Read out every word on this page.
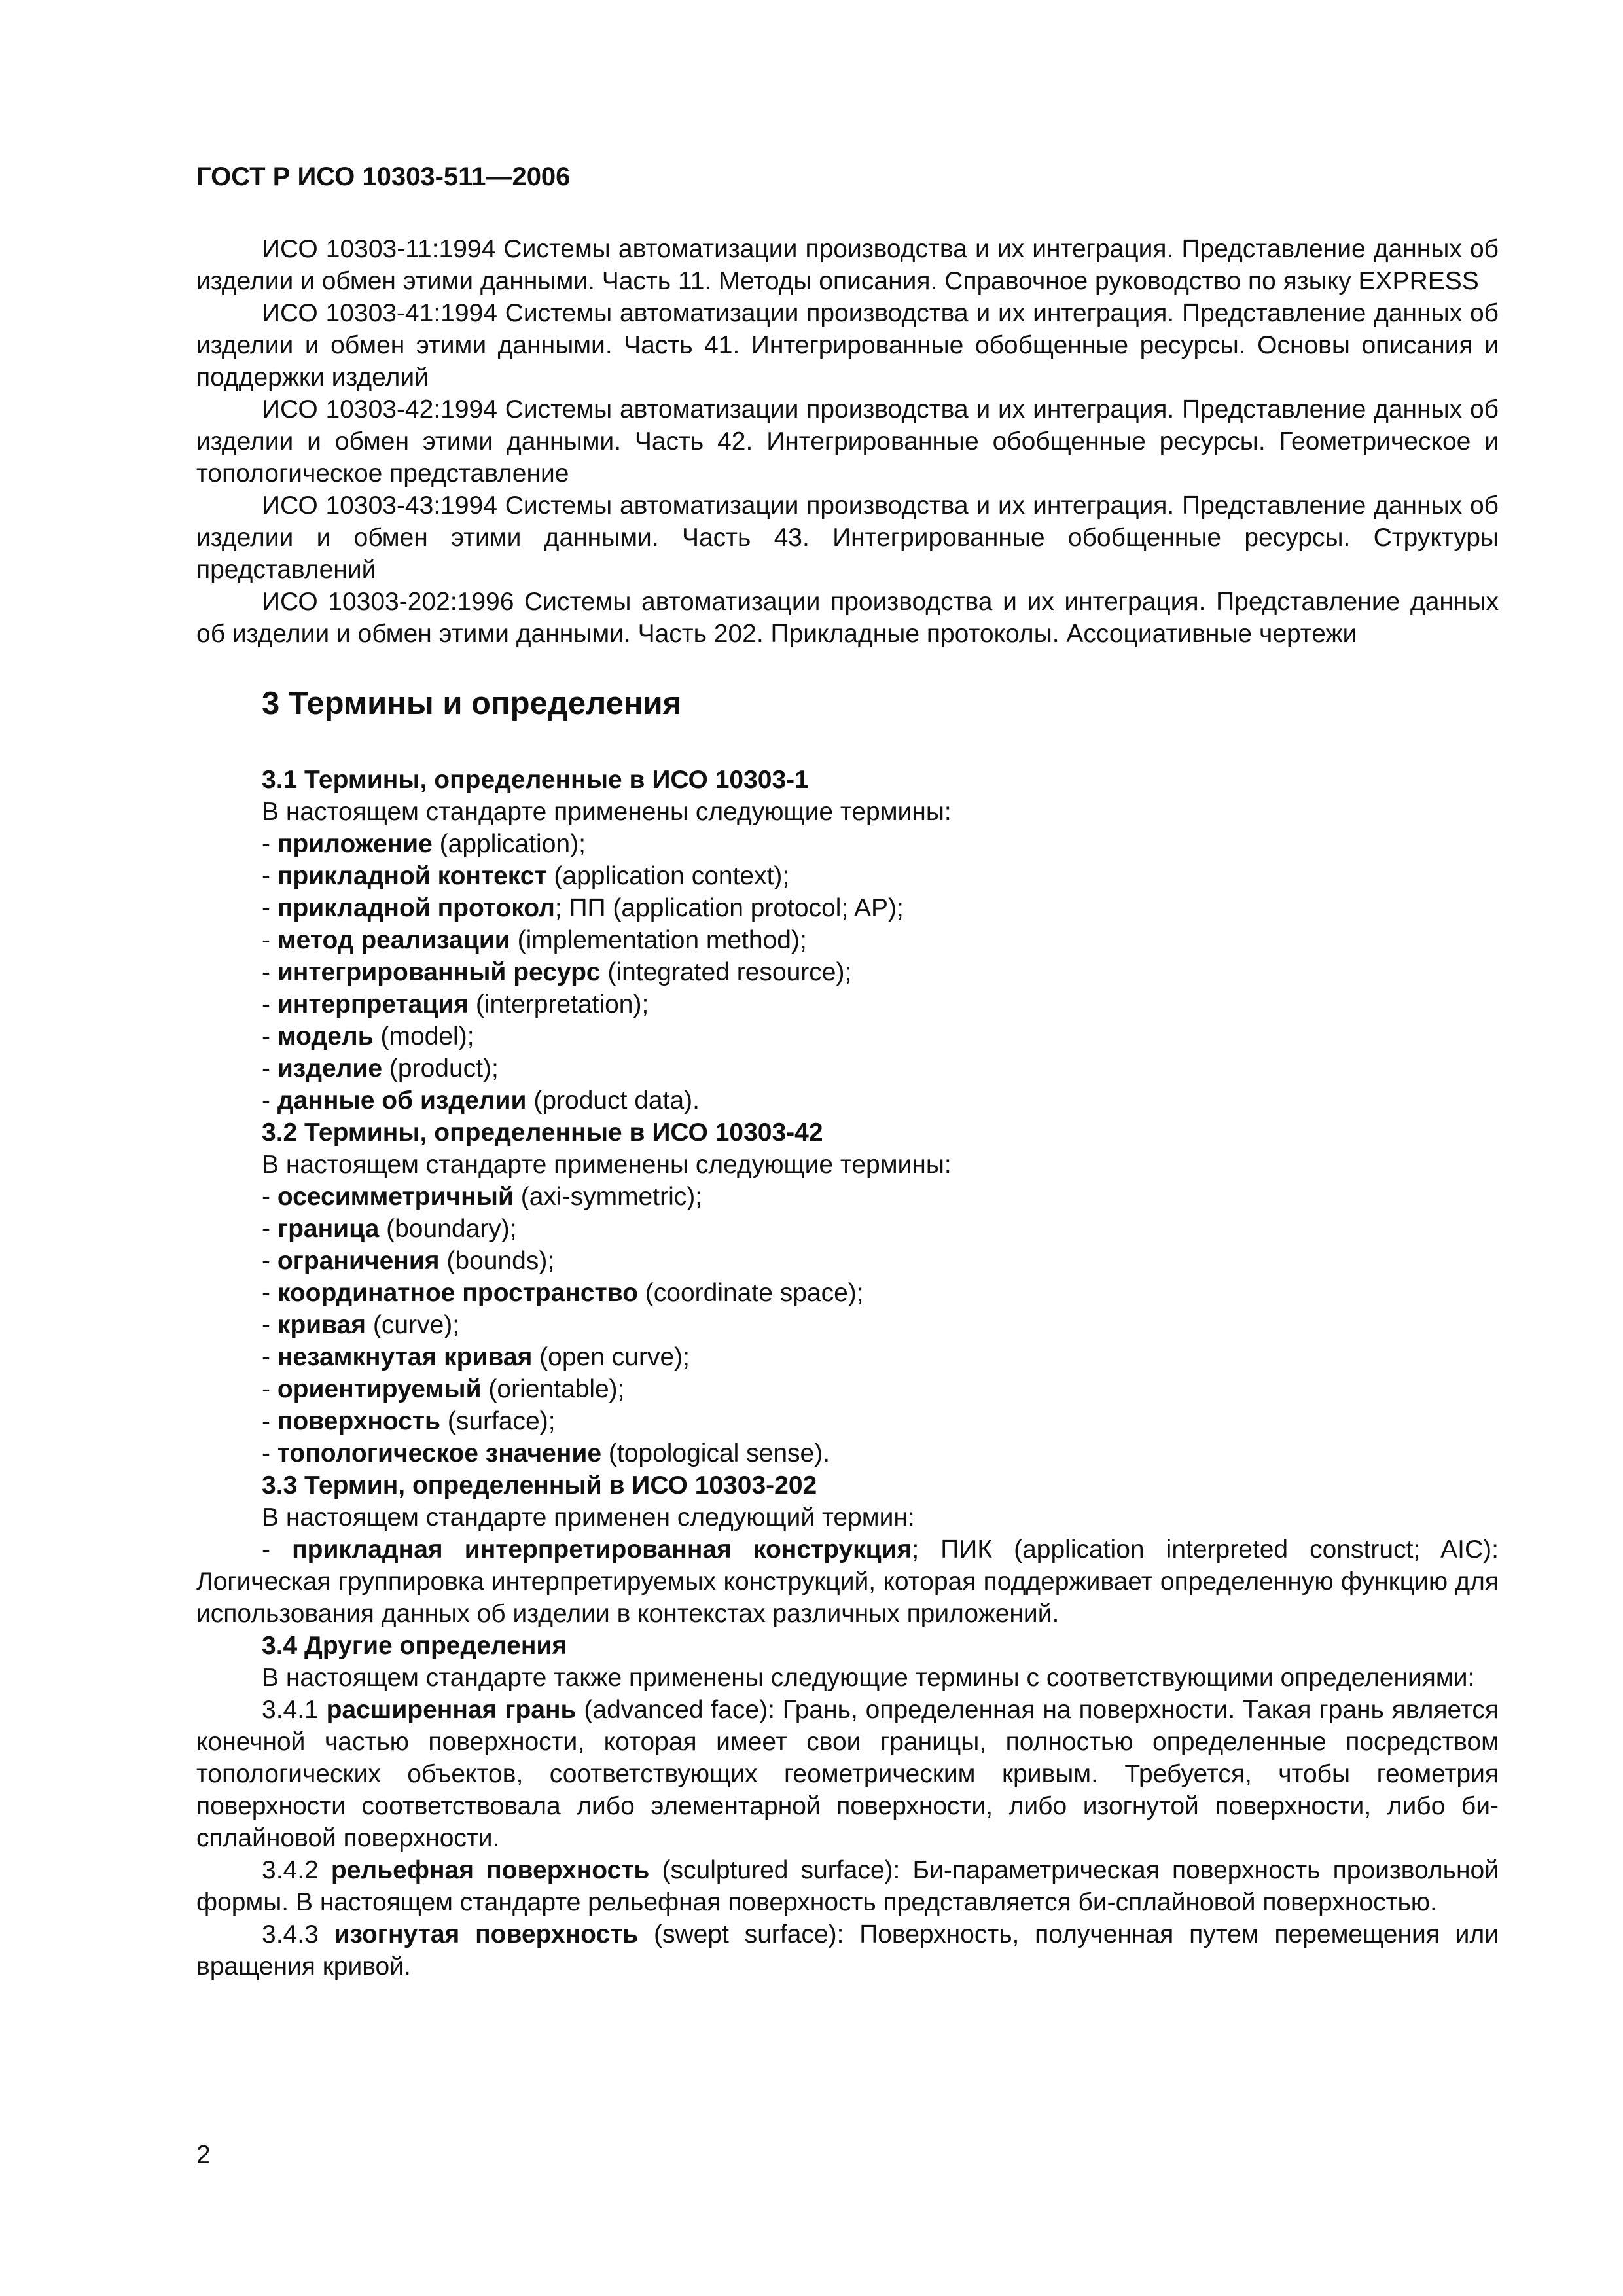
ГОСТ Р ИСО 10303-511—2006

ИСО 10303-11:1994 Системы автоматизации производства и их интеграция. Представление данных об изделии и обмен этими данными. Часть 11. Методы описания. Справочное руководство по языку EXPRESS

ИСО 10303-41:1994 Системы автоматизации производства и их интеграция. Представление данных об изделии и обмен этими данными. Часть 41. Интегрированные обобщенные ресурсы. Основы описания и поддержки изделий

ИСО 10303-42:1994 Системы автоматизации производства и их интеграция. Представление данных об изделии и обмен этими данными. Часть 42. Интегрированные обобщенные ресурсы. Геометрическое и топологическое представление

ИСО 10303-43:1994 Системы автоматизации производства и их интеграция. Представление данных об изделии и обмен этими данными. Часть 43. Интегрированные обобщенные ресурсы. Структуры представлений

ИСО 10303-202:1996 Системы автоматизации производства и их интеграция. Представление данных об изделии и обмен этими данными. Часть 202. Прикладные протоколы. Ассоциативные чертежи

3 Термины и определения

3.1 Термины, определенные в ИСО 10303-1

В настоящем стандарте применены следующие термины:

- приложение (application);

- прикладной контекст (application context);

- прикладной протокол; ПП (application protocol; AP);

- метод реализации (implementation method);

- интегрированный ресурс (integrated resource);

- интерпретация (interpretation);

- модель (model);

- изделие (product);

- данные об изделии (product data).

3.2 Термины, определенные в ИСО 10303-42

В настоящем стандарте применены следующие термины:

- осесимметричный (axi-symmetric);

- граница (boundary);

- ограничения (bounds);

- координатное пространство (coordinate space);

- кривая (curve);

- незамкнутая кривая (open curve);

- ориентируемый (orientable);

- поверхность (surface);

- топологическое значение (topological sense).

3.3 Термин, определенный в ИСО 10303-202

В настоящем стандарте применен следующий термин:

- прикладная интерпретированная конструкция; ПИК (application interpreted construct; AIC): Логическая группировка интерпретируемых конструкций, которая поддерживает определенную функцию для использования данных об изделии в контекстах различных приложений.

3.4 Другие определения

В настоящем стандарте также применены следующие термины с соответствующими определениями:

3.4.1 расширенная грань (advanced face): Грань, определенная на поверхности. Такая грань является конечной частью поверхности, которая имеет свои границы, полностью определенные посредством топологических объектов, соответствующих геометрическим кривым. Требуется, чтобы геометрия поверхности соответствовала либо элементарной поверхности, либо изогнутой поверхности, либо би-сплайновой поверхности.

3.4.2 рельефная поверхность (sculptured surface): Би-параметрическая поверхность произвольной формы. В настоящем стандарте рельефная поверхность представляется би-сплайновой поверхностью.

3.4.3 изогнутая поверхность (swept surface): Поверхность, полученная путем перемещения или вращения кривой.

2
